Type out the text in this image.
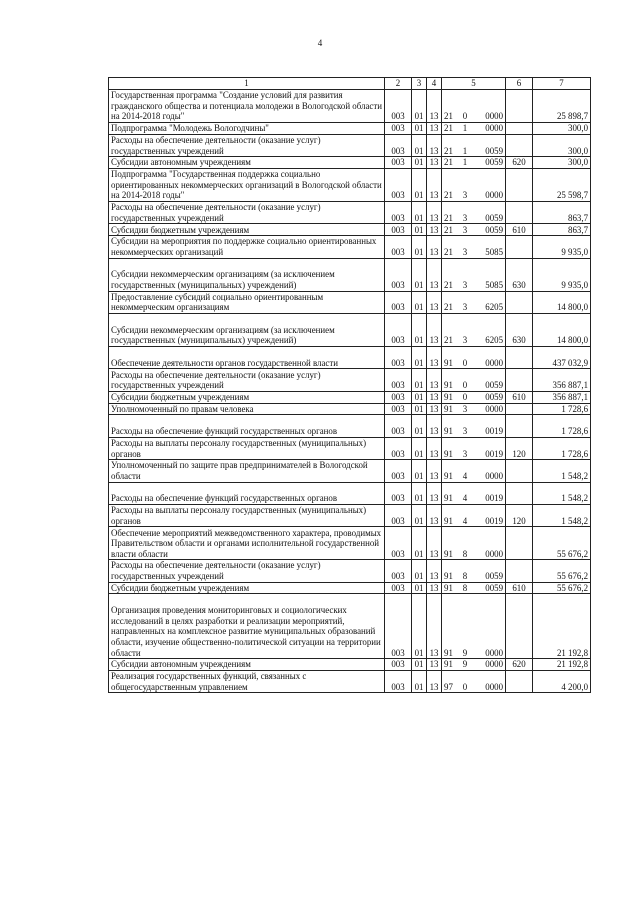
4
1	2	3	4	5			6	7
Государственная программа "Создание условий для развития гражданского общества и потенциала молодежи в Вологодской области на 2014-2018 годы"	003	01	13	21	0	0000		25 898,7
Подпрограмма "Молодежь Вологодчины"	003	01	13	21	1	0000		300,0
Расходы на обеспечение деятельности (оказание услуг) государственных учреждений	003	01	13	21	1	0059		300,0
Субсидии автономным учреждениям	003	01	13	21	1	0059	620	300,0
Подпрограмма "Государственная поддержка социально ориентированных некоммерческих организаций в Вологодской области на 2014-2018 годы"	003	01	13	21	3	0000		25 598,7
Расходы на обеспечение деятельности (оказание услуг) государственных учреждений	003	01	13	21	3	0059		863,7
Субсидии бюджетным учреждениям	003	01	13	21	3	0059	610	863,7
Субсидии на мероприятия по поддержке социально ориентированных некоммерческих организаций	003	01	13	21	3	5085		9 935,0
Субсидии некоммерческим организациям (за исключением государственных (муниципальных) учреждений)	003	01	13	21	3	5085	630	9 935,0
Предоставление субсидий социально ориентированным некоммерческим организациям	003	01	13	21	3	6205		14 800,0
Субсидии некоммерческим организациям (за исключением государственных (муниципальных) учреждений)	003	01	13	21	3	6205	630	14 800,0
Обеспечение деятельности органов государственной власти	003	01	13	91	0	0000		437 032,9
Расходы на обеспечение деятельности (оказание услуг) государственных учреждений	003	01	13	91	0	0059		356 887,1
Субсидии бюджетным учреждениям	003	01	13	91	0	0059	610	356 887,1
Уполномоченный по правам человека	003	01	13	91	3	0000		1 728,6
Расходы на обеспечение функций государственных органов	003	01	13	91	3	0019		1 728,6
Расходы на выплаты персоналу государственных (муниципальных) органов	003	01	13	91	3	0019	120	1 728,6
Уполномоченный по защите прав предпринимателей в Вологодской области	003	01	13	91	4	0000		1 548,2
Расходы на обеспечение функций государственных органов	003	01	13	91	4	0019		1 548,2
Расходы на выплаты персоналу государственных (муниципальных) органов	003	01	13	91	4	0019	120	1 548,2
Обеспечение мероприятий межведомственного характера, проводимых Правительством области и органами исполнительной государственной власти области	003	01	13	91	8	0000		55 676,2
Расходы на обеспечение деятельности (оказание услуг) государственных учреждений	003	01	13	91	8	0059		55 676,2
Субсидии бюджетным учреждениям	003	01	13	91	8	0059	610	55 676,2
Организация проведения мониторинговых и социологических исследований в целях разработки и реализации мероприятий, направленных на комплексное развитие муниципальных образований области, изучение общественно-политической ситуации на территории области	003	01	13	91	9	0000		21 192,8
Субсидии автономным учреждениям	003	01	13	91	9	0000	620	21 192,8
Реализация государственных функций, связанных с общегосударственным управлением	003	01	13	97	0	0000		4 200,0
